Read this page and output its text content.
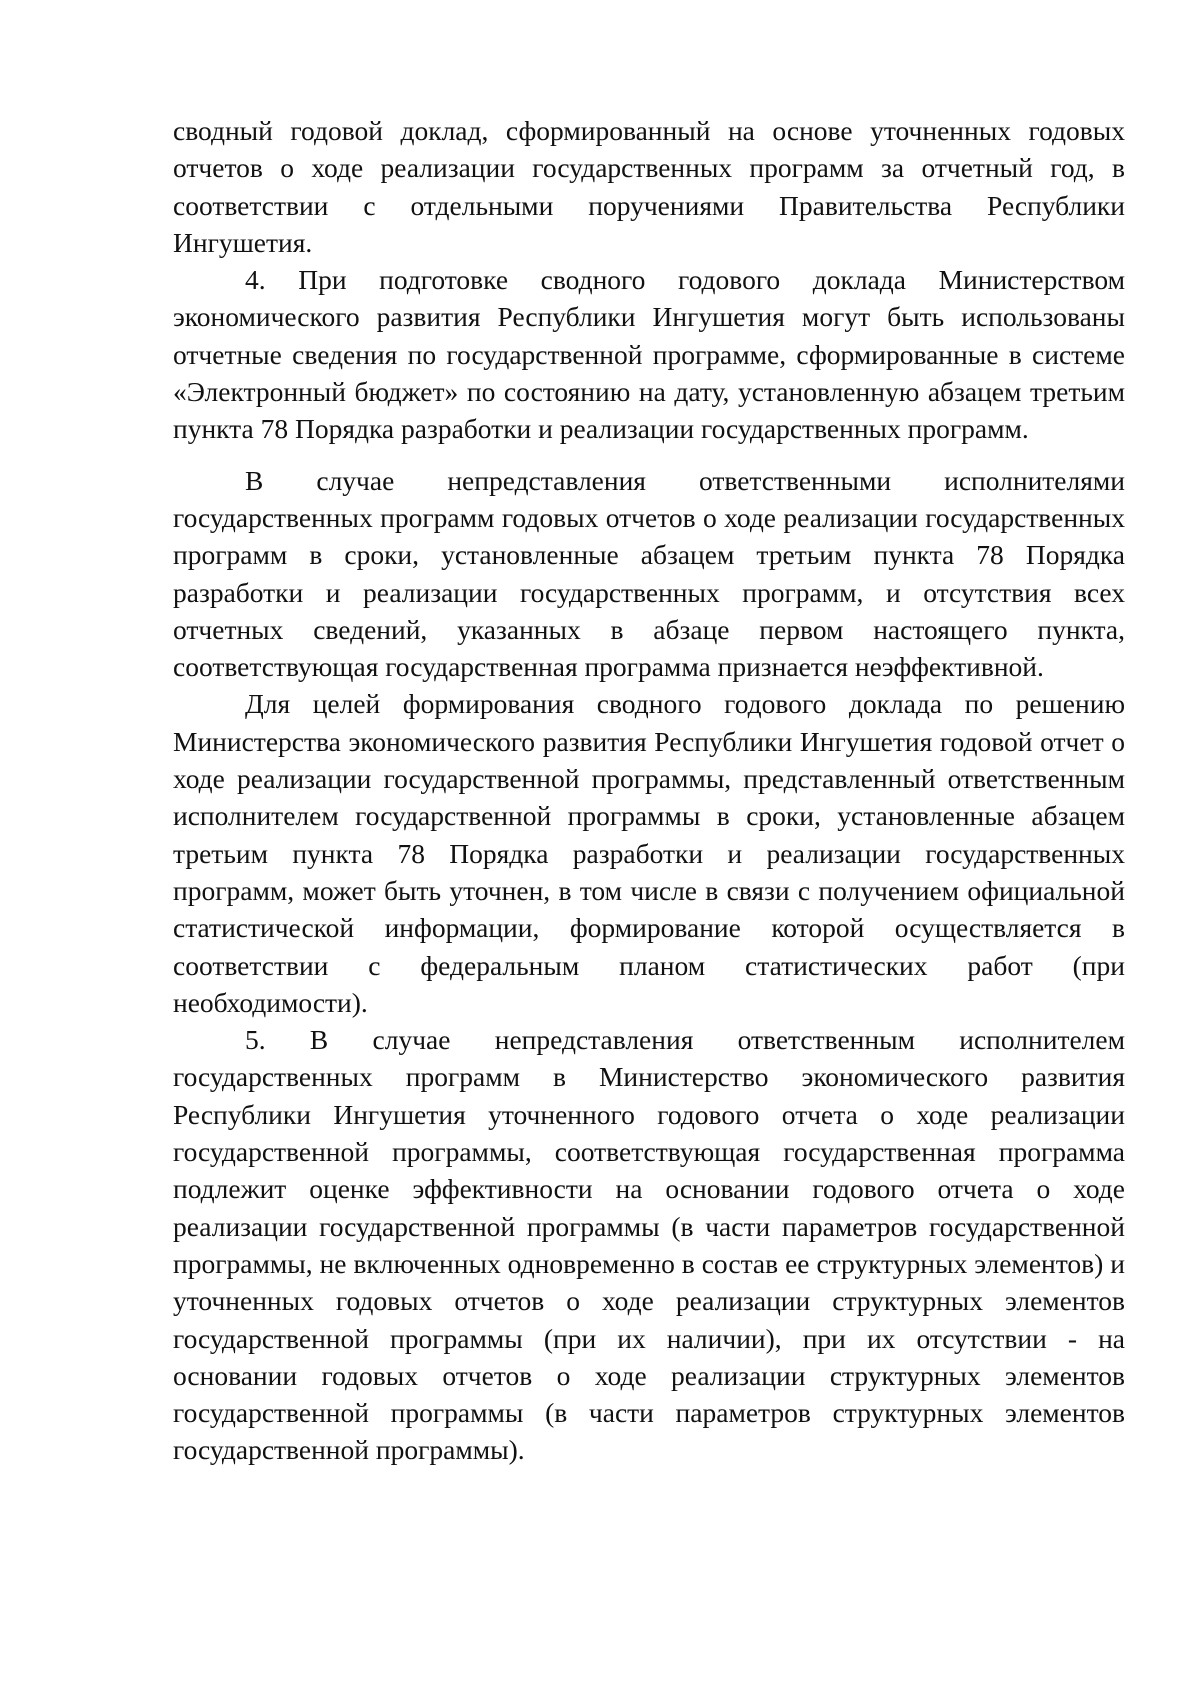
сводный годовой доклад, сформированный на основе уточненных годовых отчетов о ходе реализации государственных программ за отчетный год, в соответствии с отдельными поручениями Правительства Республики Ингушетия.

4. При подготовке сводного годового доклада Министерством экономического развития Республики Ингушетия могут быть использованы отчетные сведения по государственной программе, сформированные в системе «Электронный бюджет» по состоянию на дату, установленную абзацем третьим пункта 78 Порядка разработки и реализации государственных программ.

В случае непредставления ответственными исполнителями государственных программ годовых отчетов о ходе реализации государственных программ в сроки, установленные абзацем третьим пункта 78 Порядка разработки и реализации государственных программ, и отсутствия всех отчетных сведений, указанных в абзаце первом настоящего пункта, соответствующая государственная программа признается неэффективной.

Для целей формирования сводного годового доклада по решению Министерства экономического развития Республики Ингушетия годовой отчет о ходе реализации государственной программы, представленный ответственным исполнителем государственной программы в сроки, установленные абзацем третьим пункта 78 Порядка разработки и реализации государственных программ, может быть уточнен, в том числе в связи с получением официальной статистической информации, формирование которой осуществляется в соответствии с федеральным планом статистических работ (при необходимости).

5. В случае непредставления ответственным исполнителем государственных программ в Министерство экономического развития Республики Ингушетия уточненного годового отчета о ходе реализации государственной программы, соответствующая государственная программа подлежит оценке эффективности на основании годового отчета о ходе реализации государственной программы (в части параметров государственной программы, не включенных одновременно в состав ее структурных элементов) и уточненных годовых отчетов о ходе реализации структурных элементов государственной программы (при их наличии), при их отсутствии - на основании годовых отчетов о ходе реализации структурных элементов государственной программы (в части параметров структурных элементов государственной программы).
